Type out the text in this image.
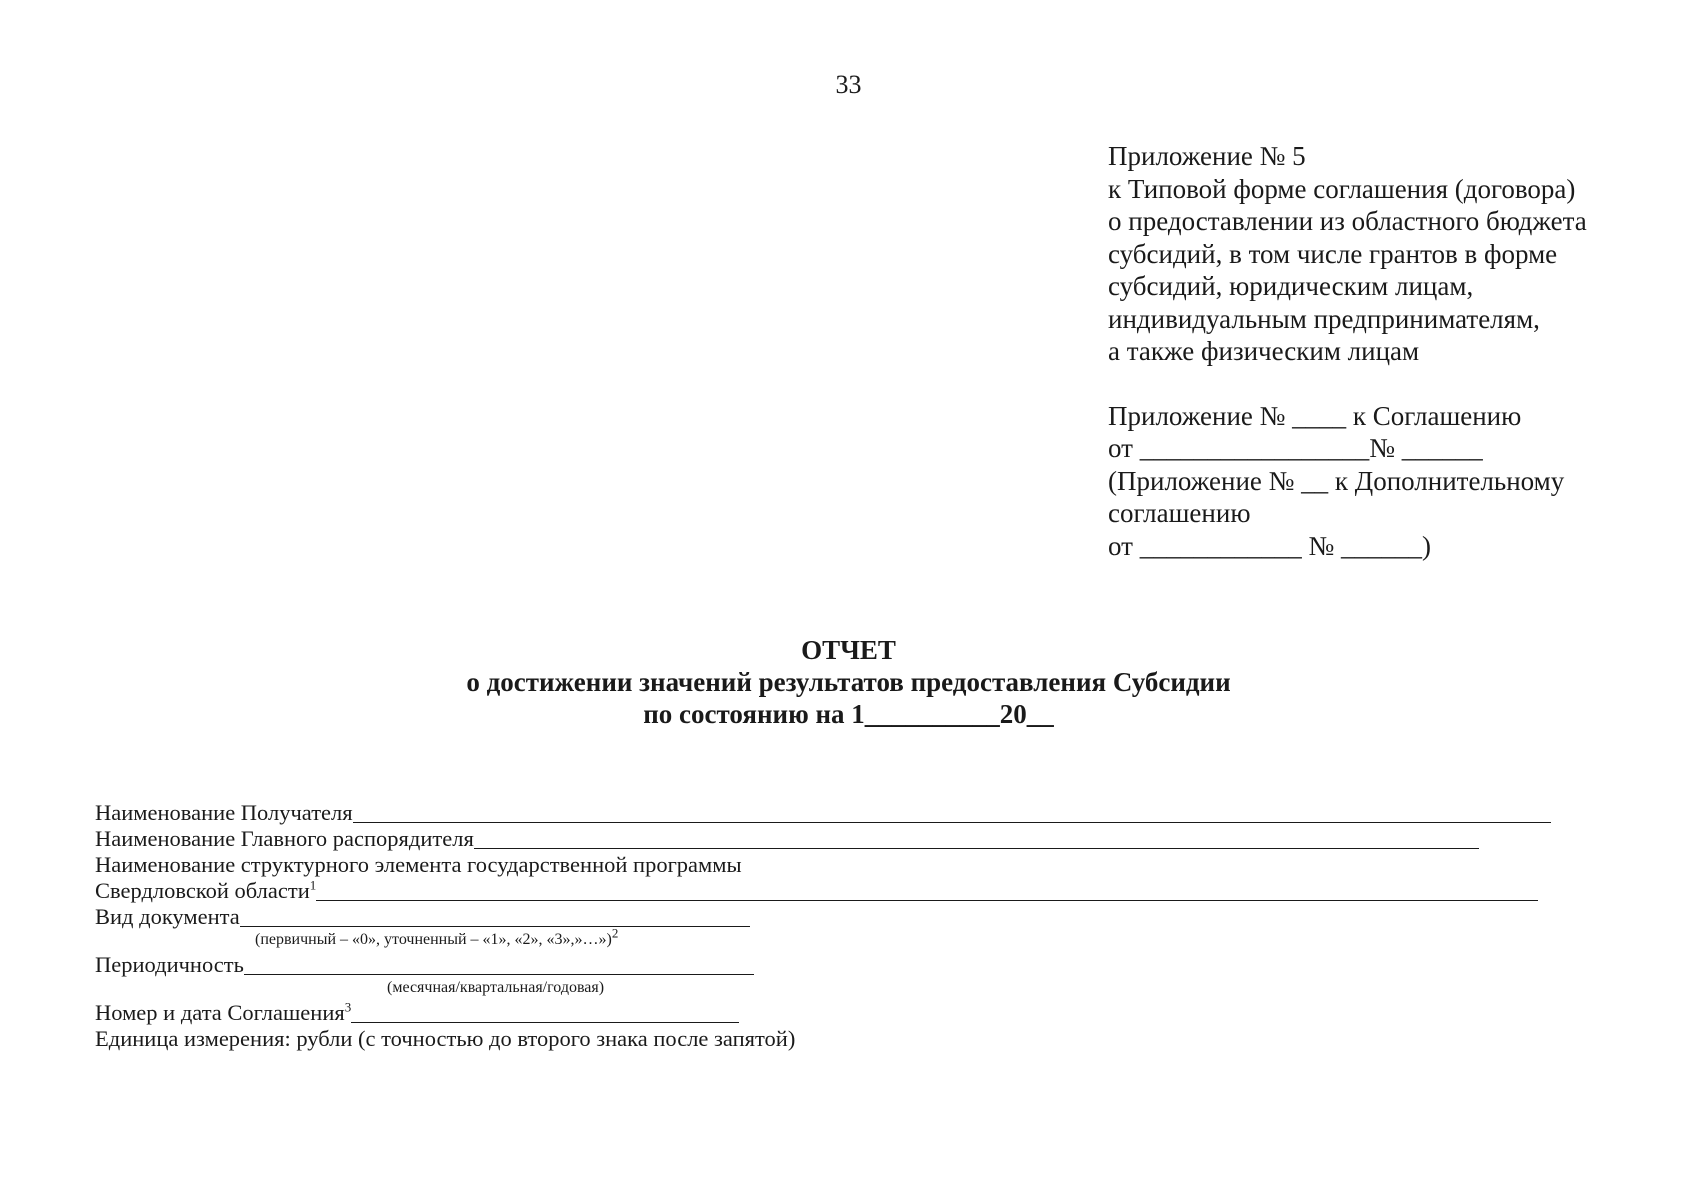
33
Приложение № 5
к Типовой форме соглашения (договора)
о предоставлении из областного бюджета
субсидий, в том числе грантов в форме
субсидий, юридическим лицам,
индивидуальным предпринимателям,
а также физическим лицам
Приложение № ____ к Соглашению
от _________________№ ______
(Приложение № __ к Дополнительному
соглашению
от ____________ № ______)
ОТЧЕТ
о достижении значений результатов предоставления Субсидии
по состоянию на 1__________20__
Наименование Получателя
Наименование Главного распорядителя
Наименование структурного элемента государственной программы
Свердловской области$^1$
Вид документа
(первичный – «0», уточненный – «1», «2», «3»,»…»)$^2$
Периодичность
(месячная/квартальная/годовая)
Номер и дата Соглашения$^3$
Единица измерения: рубли (с точностью до второго знака после запятой)
